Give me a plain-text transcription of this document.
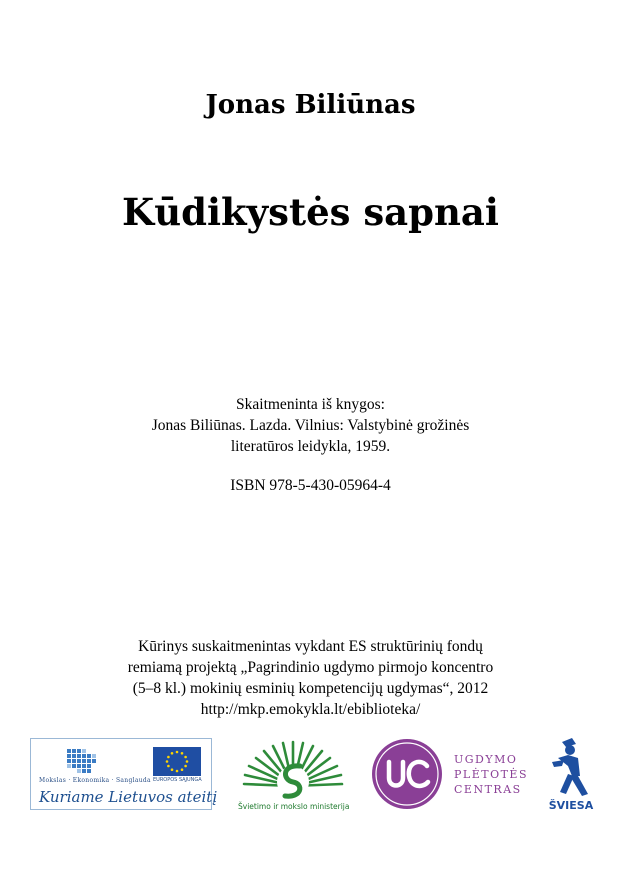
Jonas Biliūnas
Kūdikystės sapnai
Skaitmeninta iš knygos:
Jonas Biliūnas. Lazda. Vilnius: Valstybinė grožinės
literatūros leidykla, 1959.
ISBN 978-5-430-05964-4
Kūrinys suskaitmenintas vykdant ES struktūrinių fondų
remiamą projektą „Pagrindinio ugdymo pirmojo koncentro
(5–8 kl.) mokinių esminių kompetencijų ugdymas“, 2012
http://mkp.emokykla.lt/ebiblioteka/
Mokslas · Ekonomika · Sanglauda EUROPOS SĄJUNGA
Kuriame Lietuvos ateitį
Švietimo ir mokslo ministerija
UGDYMO
PLĖTOTĖS
CENTRAS
ŠVIESA
